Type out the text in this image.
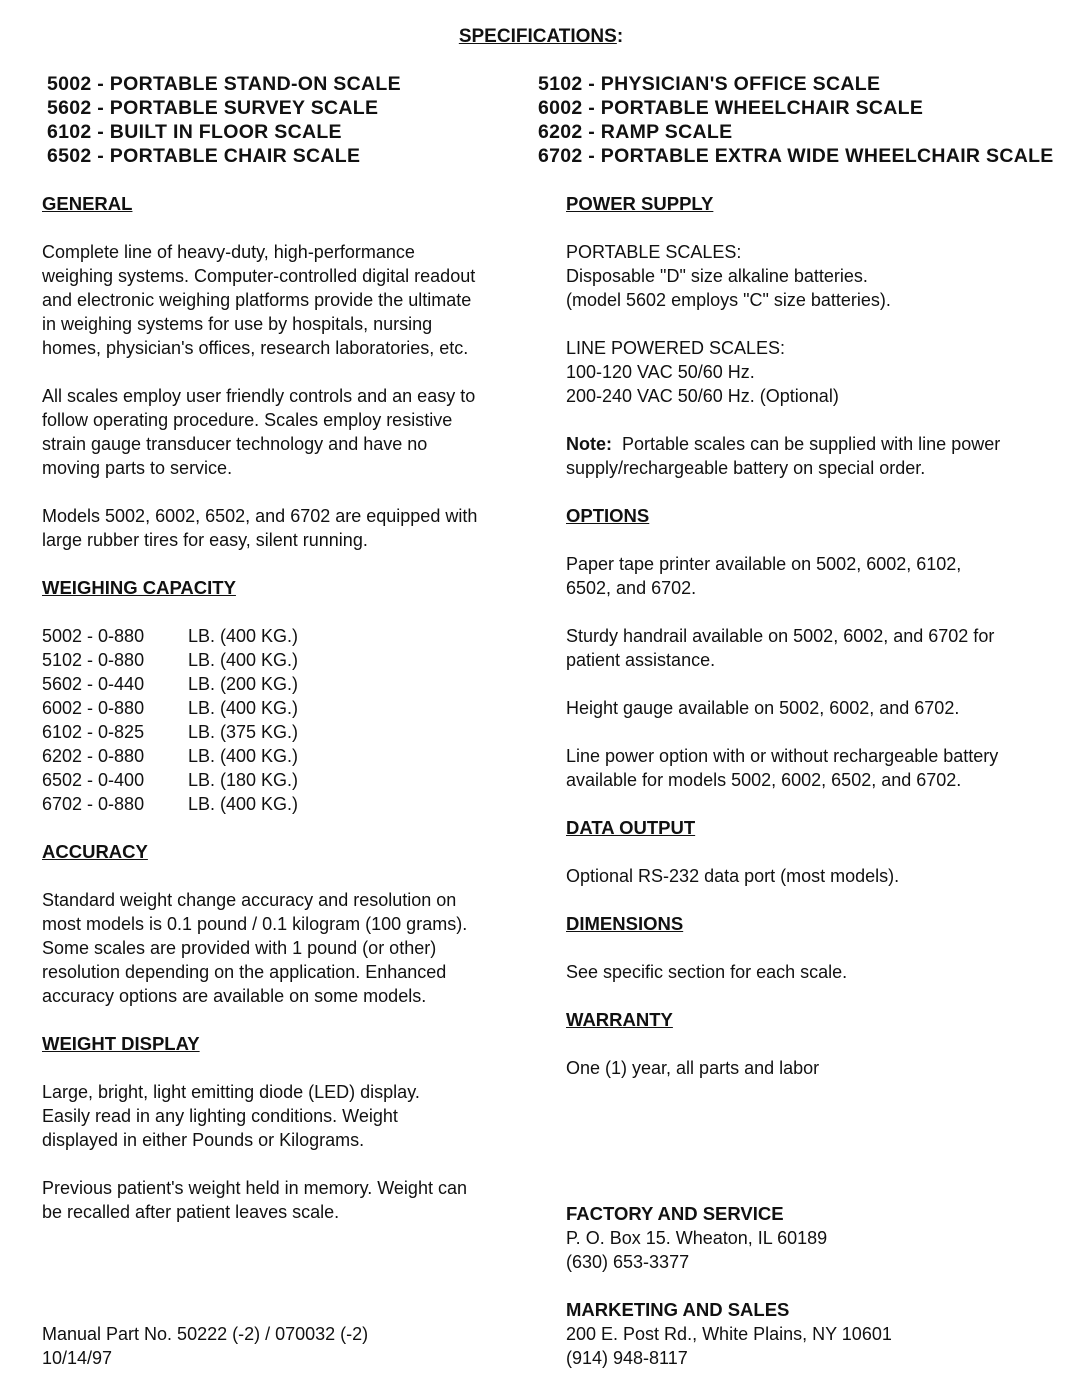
SPECIFICATIONS:
5002 - PORTABLE STAND-ON SCALE
5602 - PORTABLE SURVEY SCALE
6102 - BUILT IN FLOOR SCALE
6502 - PORTABLE CHAIR SCALE
5102 - PHYSICIAN'S OFFICE SCALE
6002 - PORTABLE WHEELCHAIR SCALE
6202 - RAMP SCALE
6702 - PORTABLE EXTRA WIDE WHEELCHAIR SCALE
GENERAL
Complete line of heavy-duty, high-performance
weighing systems. Computer-controlled digital readout
and electronic weighing platforms provide the ultimate
in weighing systems for use by hospitals, nursing
homes, physician's offices, research laboratories, etc.
All scales employ user friendly controls and an easy to
follow operating procedure. Scales employ resistive
strain gauge transducer technology and have no
moving parts to service.
Models 5002, 6002, 6502, and 6702 are equipped with
large rubber tires for easy, silent running.
WEIGHING CAPACITY
5002 - 0-880	LB. (400 KG.)
5102 - 0-880	LB. (400 KG.)
5602 - 0-440	LB. (200 KG.)
6002 - 0-880	LB. (400 KG.)
6102 - 0-825	LB. (375 KG.)
6202 - 0-880	LB. (400 KG.)
6502 - 0-400	LB. (180 KG.)
6702 - 0-880	LB. (400 KG.)
ACCURACY
Standard weight change accuracy and resolution on
most models is 0.1 pound / 0.1 kilogram (100 grams).
Some scales are provided with 1 pound (or other)
resolution depending on the application. Enhanced
accuracy options are available on some models.
WEIGHT DISPLAY
Large, bright, light emitting diode (LED) display.
Easily read in any lighting conditions. Weight
displayed in either Pounds or Kilograms.
Previous patient's weight held in memory. Weight can
be recalled after patient leaves scale.
Manual Part No. 50222 (-2) / 070032 (-2)
10/14/97
POWER SUPPLY
PORTABLE SCALES:
Disposable "D" size alkaline batteries.
(model 5602 employs "C" size batteries).
LINE POWERED SCALES:
100-120 VAC 50/60 Hz.
200-240 VAC 50/60 Hz. (Optional)
Note:  Portable scales can be supplied with line power
supply/rechargeable battery on special order.
OPTIONS
Paper tape printer available on 5002, 6002, 6102,
6502, and 6702.
Sturdy handrail available on 5002, 6002, and 6702 for
patient assistance.
Height gauge available on 5002, 6002, and 6702.
Line power option with or without rechargeable battery
available for models 5002, 6002, 6502, and 6702.
DATA OUTPUT
Optional RS-232 data port (most models).
DIMENSIONS
See specific section for each scale.
WARRANTY
One (1) year, all parts and labor
FACTORY AND SERVICE
P. O. Box 15. Wheaton, IL 60189
(630) 653-3377
MARKETING AND SALES
200 E. Post Rd., White Plains, NY 10601
(914) 948-8117
